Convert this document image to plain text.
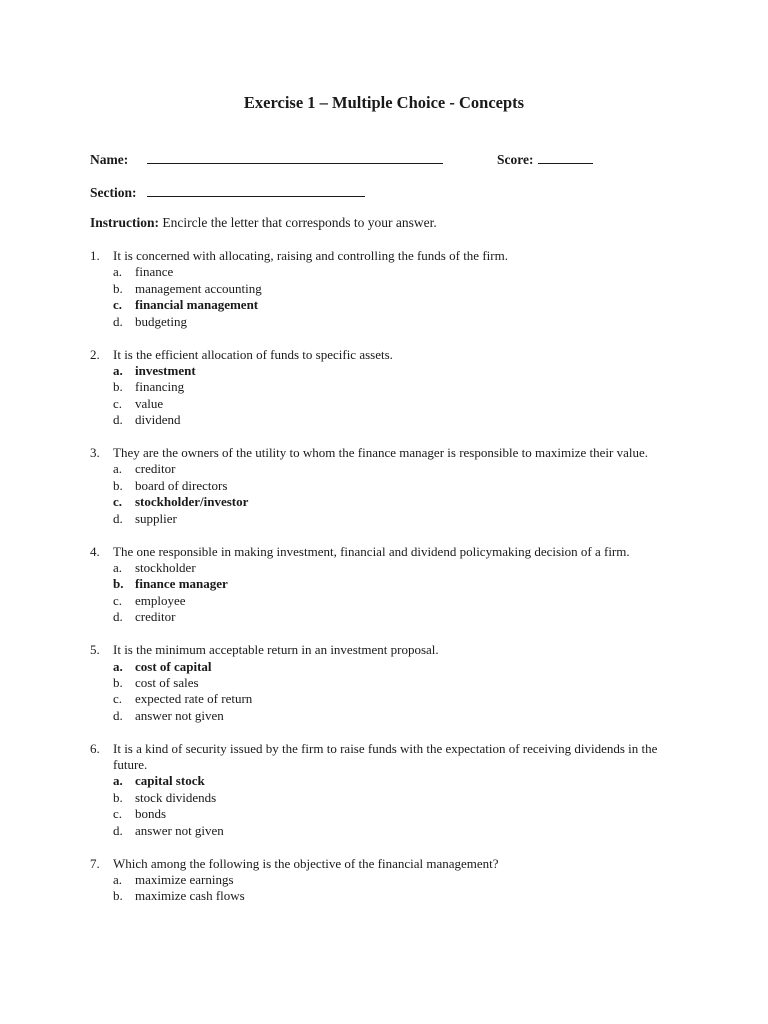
Exercise 1 – Multiple Choice - Concepts
Name:	Score:
Section:
Instruction: Encircle the letter that corresponds to your answer.
1.	It is concerned with allocating, raising and controlling the funds of the firm.
a. finance
b. management accounting
c. financial management
d. budgeting
2.	It is the efficient allocation of funds to specific assets.
a. investment
b. financing
c. value
d. dividend
3.	They are the owners of the utility to whom the finance manager is responsible to maximize their value.
a. creditor
b. board of directors
c. stockholder/investor
d. supplier
4.	The one responsible in making investment, financial and dividend policymaking decision of a firm.
a. stockholder
b. finance manager
c. employee
d. creditor
5.	It is the minimum acceptable return in an investment proposal.
a. cost of capital
b. cost of sales
c. expected rate of return
d. answer not given
6.	It is a kind of security issued by the firm to raise funds with the expectation of receiving dividends in the future.
a. capital stock
b. stock dividends
c. bonds
d. answer not given
7.	Which among the following is the objective of the financial management?
a. maximize earnings
b. maximize cash flows
